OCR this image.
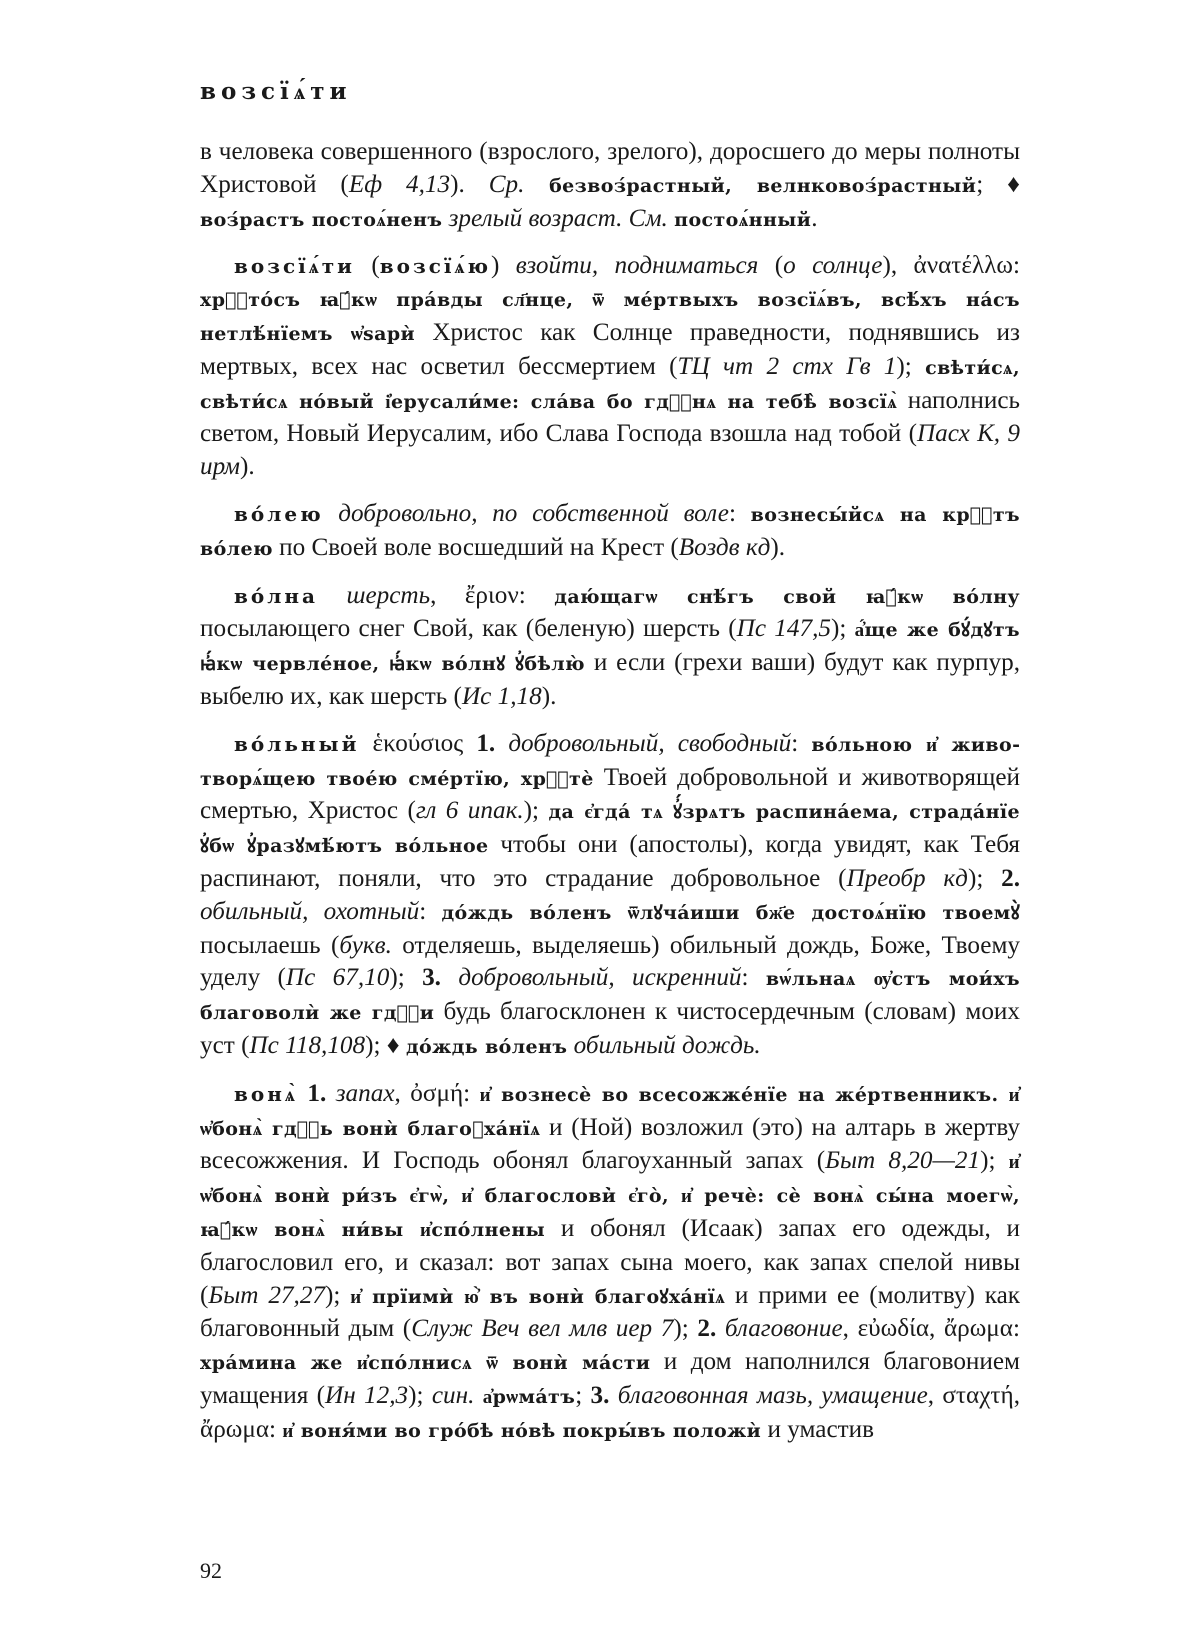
возсїѧ́ти

в человека совершенного (взрослого, зрелого), доросшего до меры полноты Христовой (Еф 4,13). Ср. безвоз́растный, велнковоз́растный; ♦ воз́растъ постоѧ́ненъ зрелый возраст. См. постоѧ́нный.

возсїѧ́ти (возсїѧ́ю) взойти, подниматься (о солнце), ἀνατέλλω: хрⷭ҇то́съ ꙗ҆́кѡ пра́вды сл҃нце, ѿ ме́ртвыхъ возсїѧ́въ, всѣ́хъ на́съ нетлѣ́нїемъ ѡ҆ѕарѝ Христос как Солнце праведности, поднявшись из мертвых, всех нас осветил бессмертием (ТЦ чт 2 стх Гв 1); свѣти́сѧ, свѣти́сѧ но́вый і҆ерусали́ме: сла́ва бо гдⷭ҇нѧ на тебѣ̀ возсїѧ̀ наполнись светом, Новый Иерусалим, ибо Слава Господа взошла над тобой (Пасх К, 9 ирм).

во́лею добровольно, по собственной воле: вознесы́йсѧ на крⷭ҇тъ во́лею по Своей воле восшедший на Крест (Воздв кд).

во́лна шерсть, ἔριον: даю́щагѡ снѣ́гъ свой ꙗ҆́кѡ во́лну посылающего снег Свой, как (беленую) шерсть (Пс 147,5); а҆́ще же бꙋ́дꙋтъ ꙗ҆́кѡ червле́ное, ꙗ҆́кѡ во́лнꙋ ꙋ҆бѣлю̀ и если (грехи ваши) будут как пурпур, выбелю их, как шерсть (Ис 1,18).

во́льный ἑκούσιος 1. добровольный, свободный: во́льною и҆ животворѧ́щею твое́ю сме́ртїю, хрⷭ҇тѐ Твоей добровольной и животворящей смертью, Христос (гл 6 ипак.); да є҆гда́ тѧ ꙋ҆́зрѧтъ распина́ема, страда́нїе ꙋ҆бѡ ꙋ҆разꙋмѣ́ютъ во́льное чтобы они (апостолы), когда увидят, как Тебя распинают, поняли, что это страдание добровольное (Преобр кд); 2. обильный, охотный: до́ждь во́ленъ ѿлꙋча́иши бж҃е достоѧ́нїю твоемꙋ̀ посылаешь (букв. отделяешь, выделяешь) обильный дождь, Боже, Твоему уделу (Пс 67,10); 3. добровольный, искренний: вѡ́льнаѧ ѹ҆стъ мои́хъ благоволѝ же гдⷭ҇и будь благосклонен к чистосердечным (словам) моих уст (Пс 118,108); ♦ до́ждь во́ленъ обильный дождь.

вонѧ̀ 1. запах, ὀσμή: и҆ вознесѐ во всесожже́нїе на же́ртвенникъ. и҆ ѡ҆бонѧ̀ гдⷭ҇ь вонѝ благоꙋха́нїѧ и (Ной) возложил (это) на алтарь в жертву всесожжения. И Господь обонял благоуханный запах (Быт 8,20—21); и҆ ѡ҆бонѧ̀ вонѝ ри́зъ є҆гѡ̀, и҆ благослови̇̀ є҆го̀, и҆ речѐ: сѐ вонѧ̀ сы́на моегѡ̀, ꙗ҆́кѡ вонѧ̀ ни́вы и҆спо́лнены и обонял (Исаак) запах его одежды, и благословил его, и сказал: вот запах сына моего, как запах спелой нивы (Быт 27,27); и҆ прїимѝ ю҆̀ въ вонѝ благоꙋха́нїѧ и прими ее (молитву) как благовонный дым (Служ Веч вел млв иер 7); 2. благовоние, εὐωδία, ἄρωμα: хра́мина же и҆спо́лнисѧ ѿ вонѝ ма́сти и дом наполнился благовонием умащения (Ин 12,3); син. а҆рѡма́тъ; 3. благовонная мазь, умащение, σταχτή, ἄρωμα: и҆ воня́ми во гро́бѣ но́вѣ покры́въ положѝ и умастив

92
